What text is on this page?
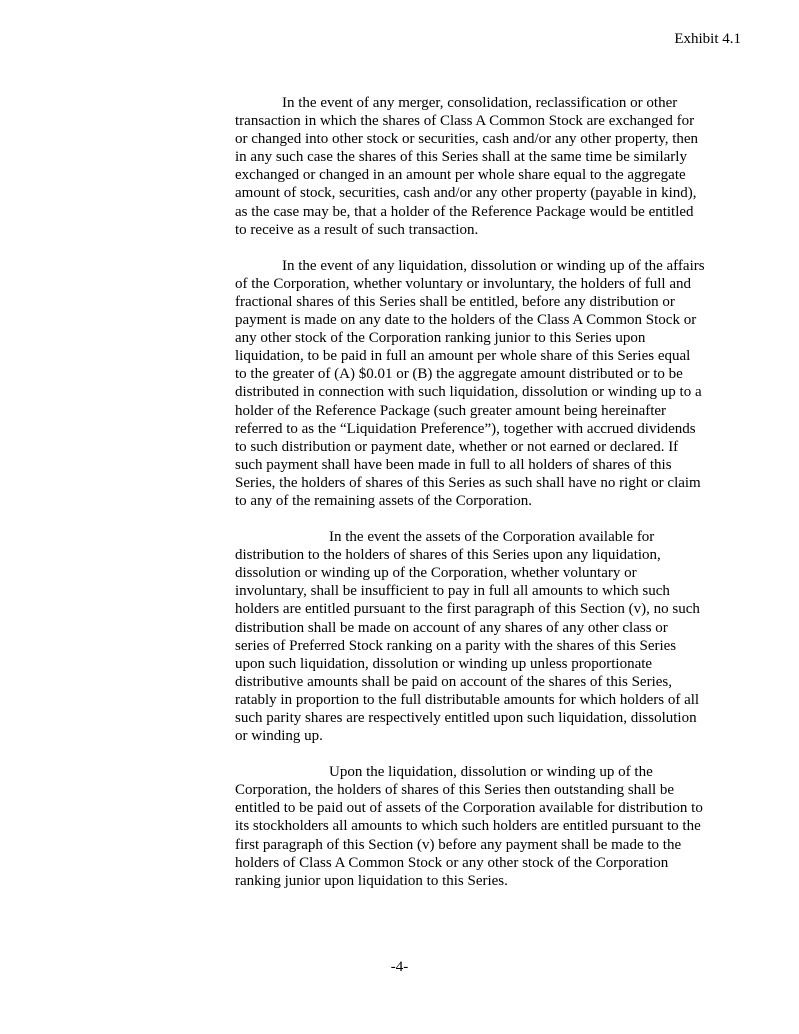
Exhibit 4.1

In the event of any merger, consolidation, reclassification or other transaction in which the shares of Class A Common Stock are exchanged for or changed into other stock or securities, cash and/or any other property, then in any such case the shares of this Series shall at the same time be similarly exchanged or changed in an amount per whole share equal to the aggregate amount of stock, securities, cash and/or any other property (payable in kind), as the case may be, that a holder of the Reference Package would be entitled to receive as a result of such transaction.

In the event of any liquidation, dissolution or winding up of the affairs of the Corporation, whether voluntary or involuntary, the holders of full and fractional shares of this Series shall be entitled, before any distribution or payment is made on any date to the holders of the Class A Common Stock or any other stock of the Corporation ranking junior to this Series upon liquidation, to be paid in full an amount per whole share of this Series equal to the greater of (A) $0.01 or (B) the aggregate amount distributed or to be distributed in connection with such liquidation, dissolution or winding up to a holder of the Reference Package (such greater amount being hereinafter referred to as the “Liquidation Preference”), together with accrued dividends to such distribution or payment date, whether or not earned or declared. If such payment shall have been made in full to all holders of shares of this Series, the holders of shares of this Series as such shall have no right or claim to any of the remaining assets of the Corporation.

In the event the assets of the Corporation available for distribution to the holders of shares of this Series upon any liquidation, dissolution or winding up of the Corporation, whether voluntary or involuntary, shall be insufficient to pay in full all amounts to which such holders are entitled pursuant to the first paragraph of this Section (v), no such distribution shall be made on account of any shares of any other class or series of Preferred Stock ranking on a parity with the shares of this Series upon such liquidation, dissolution or winding up unless proportionate distributive amounts shall be paid on account of the shares of this Series, ratably in proportion to the full distributable amounts for which holders of all such parity shares are respectively entitled upon such liquidation, dissolution or winding up.

Upon the liquidation, dissolution or winding up of the Corporation, the holders of shares of this Series then outstanding shall be entitled to be paid out of assets of the Corporation available for distribution to its stockholders all amounts to which such holders are entitled pursuant to the first paragraph of this Section (v) before any payment shall be made to the holders of Class A Common Stock or any other stock of the Corporation ranking junior upon liquidation to this Series.

-4-
